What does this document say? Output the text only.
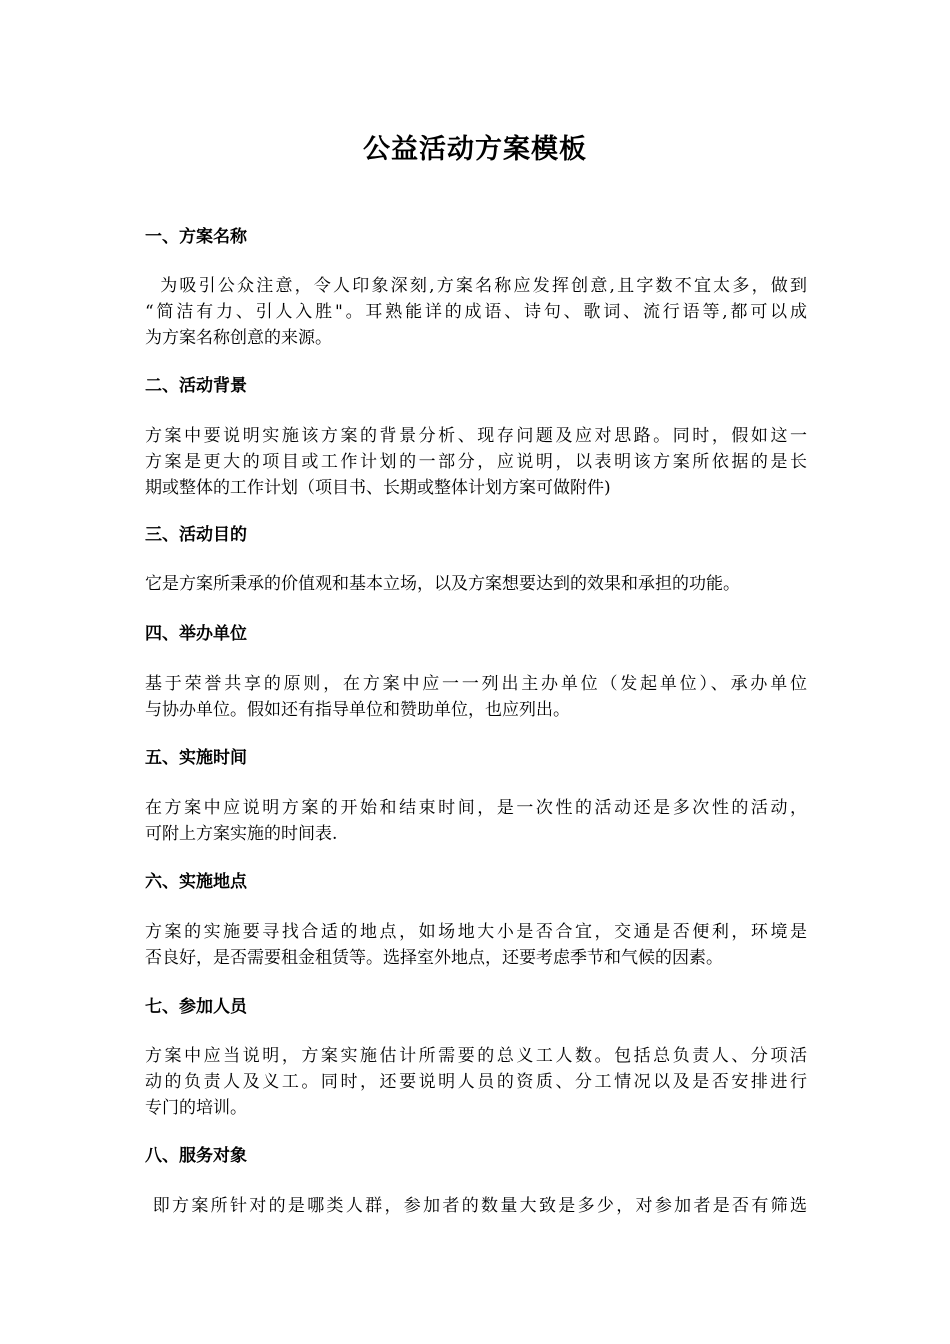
公益活动方案模板
一、方案名称
为吸引公众注意，令人印象深刻,方案名称应发挥创意,且字数不宜太多，做到
“简洁有力、引人入胜"。耳熟能详的成语、诗句、歌词、流行语等,都可以成
为方案名称创意的来源。
二、活动背景
方案中要说明实施该方案的背景分析、现存问题及应对思路。同时，假如这一
方案是更大的项目或工作计划的一部分，应说明，以表明该方案所依据的是长
期或整体的工作计划（项目书、长期或整体计划方案可做附件)
三、活动目的
它是方案所秉承的价值观和基本立场，以及方案想要达到的效果和承担的功能。
四、举办单位
基于荣誉共享的原则，在方案中应一一列出主办单位（发起单位）、承办单位
与协办单位。假如还有指导单位和赞助单位，也应列出。
五、实施时间
在方案中应说明方案的开始和结束时间，是一次性的活动还是多次性的活动，
可附上方案实施的时间表.
六、实施地点
方案的实施要寻找合适的地点，如场地大小是否合宜，交通是否便利，环境是
否良好，是否需要租金租赁等。选择室外地点，还要考虑季节和气候的因素。
七、参加人员
方案中应当说明，方案实施估计所需要的总义工人数。包括总负责人、分项活
动的负责人及义工。同时，还要说明人员的资质、分工情况以及是否安排进行
专门的培训。
八、服务对象
即方案所针对的是哪类人群，参加者的数量大致是多少，对参加者是否有筛选
